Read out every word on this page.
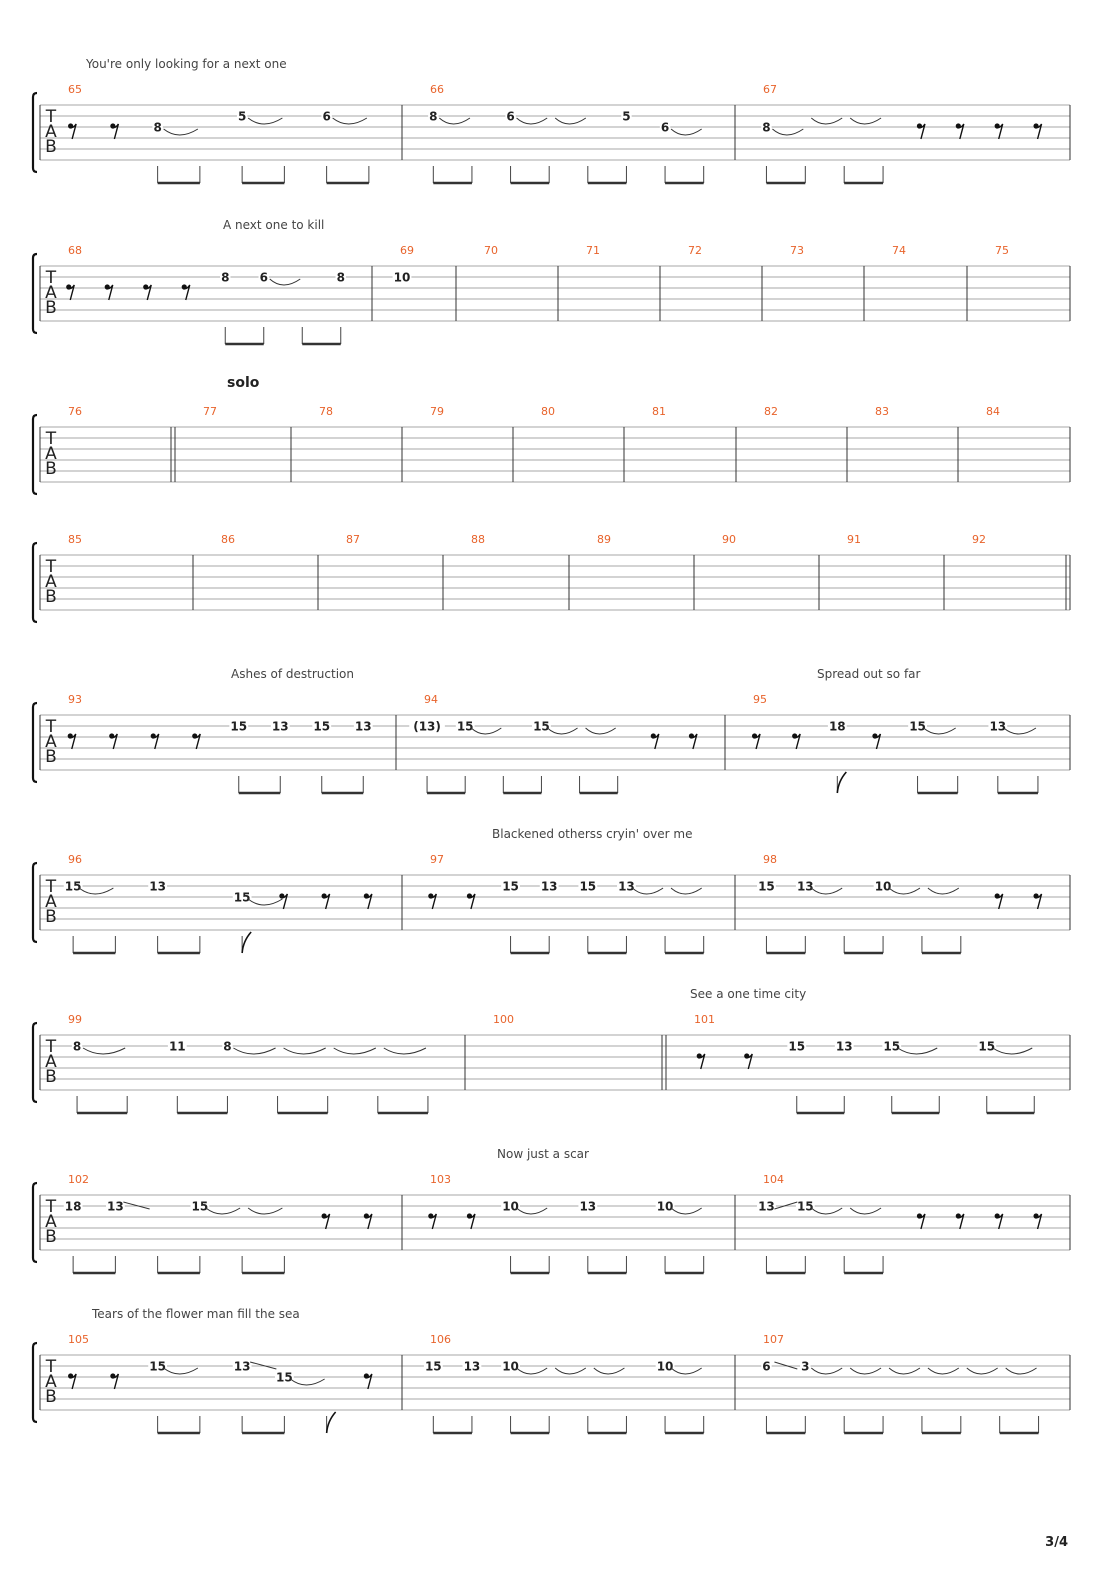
T
A
B
You're only looking for a next one
65
8
5	6
66
8	6	5
6
67
8
T
A
B
A next one to kill
68
8	6	8
69
10
70	71	72	73	74	75
T
A
B
solo
76	77	78	79	80	81	82	83	84
T
A
B
85	86	87	88	89	90	91	92
T
A
B
Ashes of destruction	Spread out so far
93
15 13 15 13
94
(13) 15	15
95
18	15	13
T
A
B
Blackened otherss cryin' over me
96
15	13
15
97
15 13 15 13
98
15 13	10
T
A
B
See a one time city
99
8	11	8
100	101
15	13	15	15
T
A
B
Now just a scar
102
18 13	15
103
10	13	10
104
13 15
T
A
B
Tears of the flower man fill the sea
105
15	13
15
106
15 13 10	10
107
6	3
3/4
